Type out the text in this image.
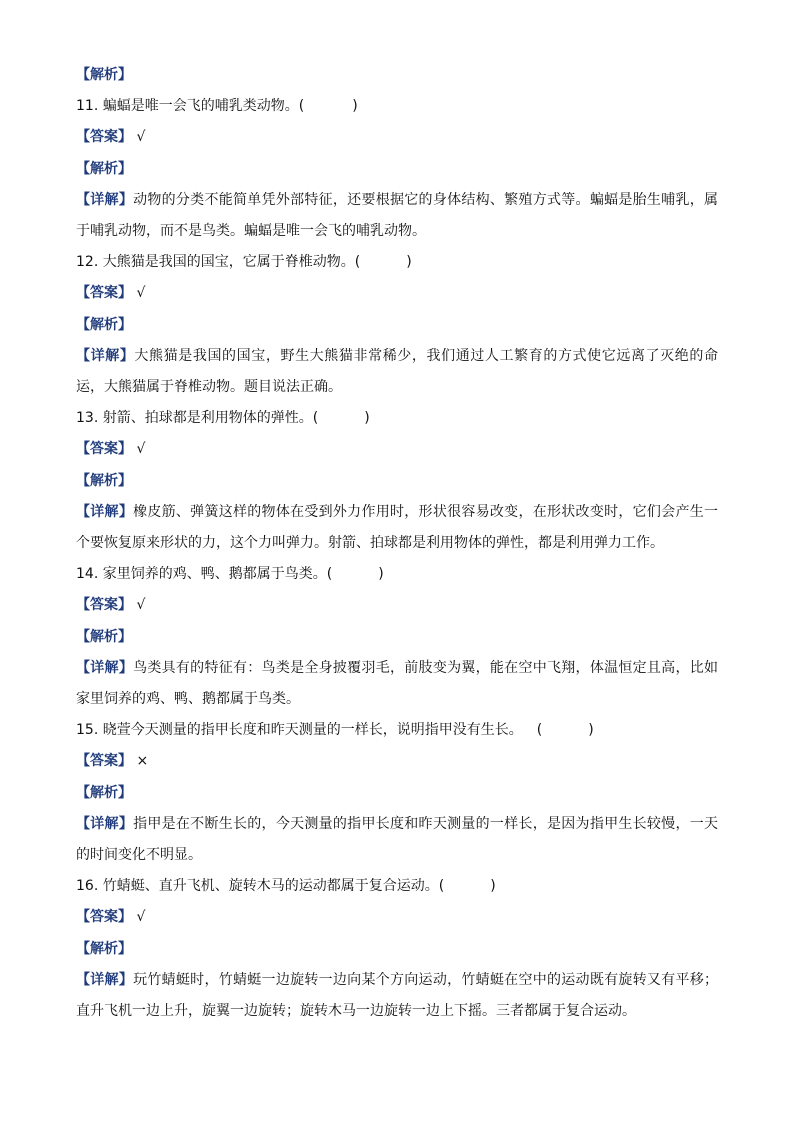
【解析】
11. 蝙蝠是唯一会飞的哺乳类动物。(	)
【答案】 √
【解析】
【详解】动物的分类不能简单凭外部特征，还要根据它的身体结构、繁殖方式等。蝙蝠是胎生哺乳，属于哺乳动物，而不是鸟类。蝙蝠是唯一会飞的哺乳动物。
12. 大熊猫是我国的国宝，它属于脊椎动物。(	)
【答案】 √
【解析】
【详解】大熊猫是我国的国宝，野生大熊猫非常稀少，我们通过人工繁育的方式使它远离了灭绝的命运，大熊猫属于脊椎动物。题目说法正确。
13. 射箭、拍球都是利用物体的弹性。(	)
【答案】 √
【解析】
【详解】橡皮筋、弹簧这样的物体在受到外力作用时，形状很容易改变，在形状改变时，它们会产生一个要恢复原来形状的力，这个力叫弹力。射箭、拍球都是利用物体的弹性，都是利用弹力工作。
14. 家里饲养的鸡、鸭、鹅都属于鸟类。(	)
【答案】 √
【解析】
【详解】鸟类具有的特征有：鸟类是全身披覆羽毛，前肢变为翼，能在空中飞翔，体温恒定且高，比如家里饲养的鸡、鸭、鹅都属于鸟类。
15. 晓萱今天测量的指甲长度和昨天测量的一样长，说明指甲没有生长。 (	)
【答案】 ×
【解析】
【详解】指甲是在不断生长的，今天测量的指甲长度和昨天测量的一样长，是因为指甲生长较慢，一天的时间变化不明显。
16. 竹蜻蜓、直升飞机、旋转木马的运动都属于复合运动。(	)
【答案】 √
【解析】
【详解】玩竹蜻蜓时，竹蜻蜓一边旋转一边向某个方向运动，竹蜻蜓在空中的运动既有旋转又有平移；直升飞机一边上升，旋翼一边旋转；旋转木马一边旋转一边上下摇。三者都属于复合运动。
